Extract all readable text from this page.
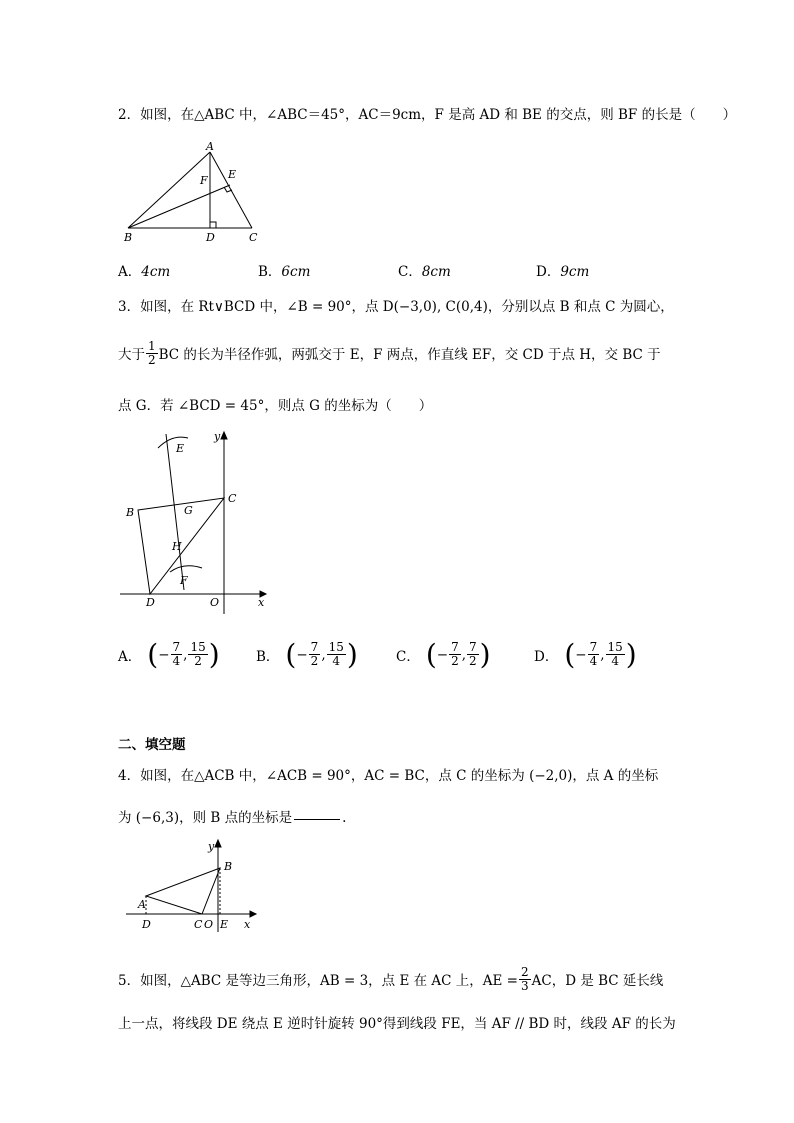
2．如图，在△ABC 中，∠ABC＝45°，AC＝9cm，F 是高 AD 和 BE 的交点，则 BF 的长是（　　）
A
B	C
D
E
F
A．4cm	B．6cm	C．8cm	D．9cm
3．如图，在 Rt∨BCD 中，∠B = 90°，点 D(−3,0), C(0,4)，分别以点 B 和点 C 为圆心，
大于 $\frac{1}{2}$ BC 的长为半径作弧，两弧交于 E，F 两点，作直线 EF，交 CD 于点 H，交 BC 于
点 G．若 ∠BCD = 45°，则点 G 的坐标为（　　）
E
y
C
B	G
H
F
D	O	x
A． ( − $\frac{7}{4}$ , $\frac{15}{2}$ )	B． ( − $\frac{7}{2}$ , $\frac{15}{4}$ )	C． ( − $\frac{7}{2}$ , $\frac{7}{2}$ )	D． ( − $\frac{7}{4}$ , $\frac{15}{4}$ )
二、填空题
4．如图，在△ACB 中，∠ACB = 90°，AC = BC，点 C 的坐标为 (−2,0)，点 A 的坐标
为 (−6,3)，则 B 点的坐标是	.
y
B
A
D	C O E x
5．如图，△ABC 是等边三角形，AB = 3，点 E 在 AC 上，AE = $\frac{2}{3}$ AC，D 是 BC 延长线
上一点，将线段 DE 绕点 E 逆时针旋转 90°得到线段 FE，当 AF // BD 时，线段 AF 的长为
